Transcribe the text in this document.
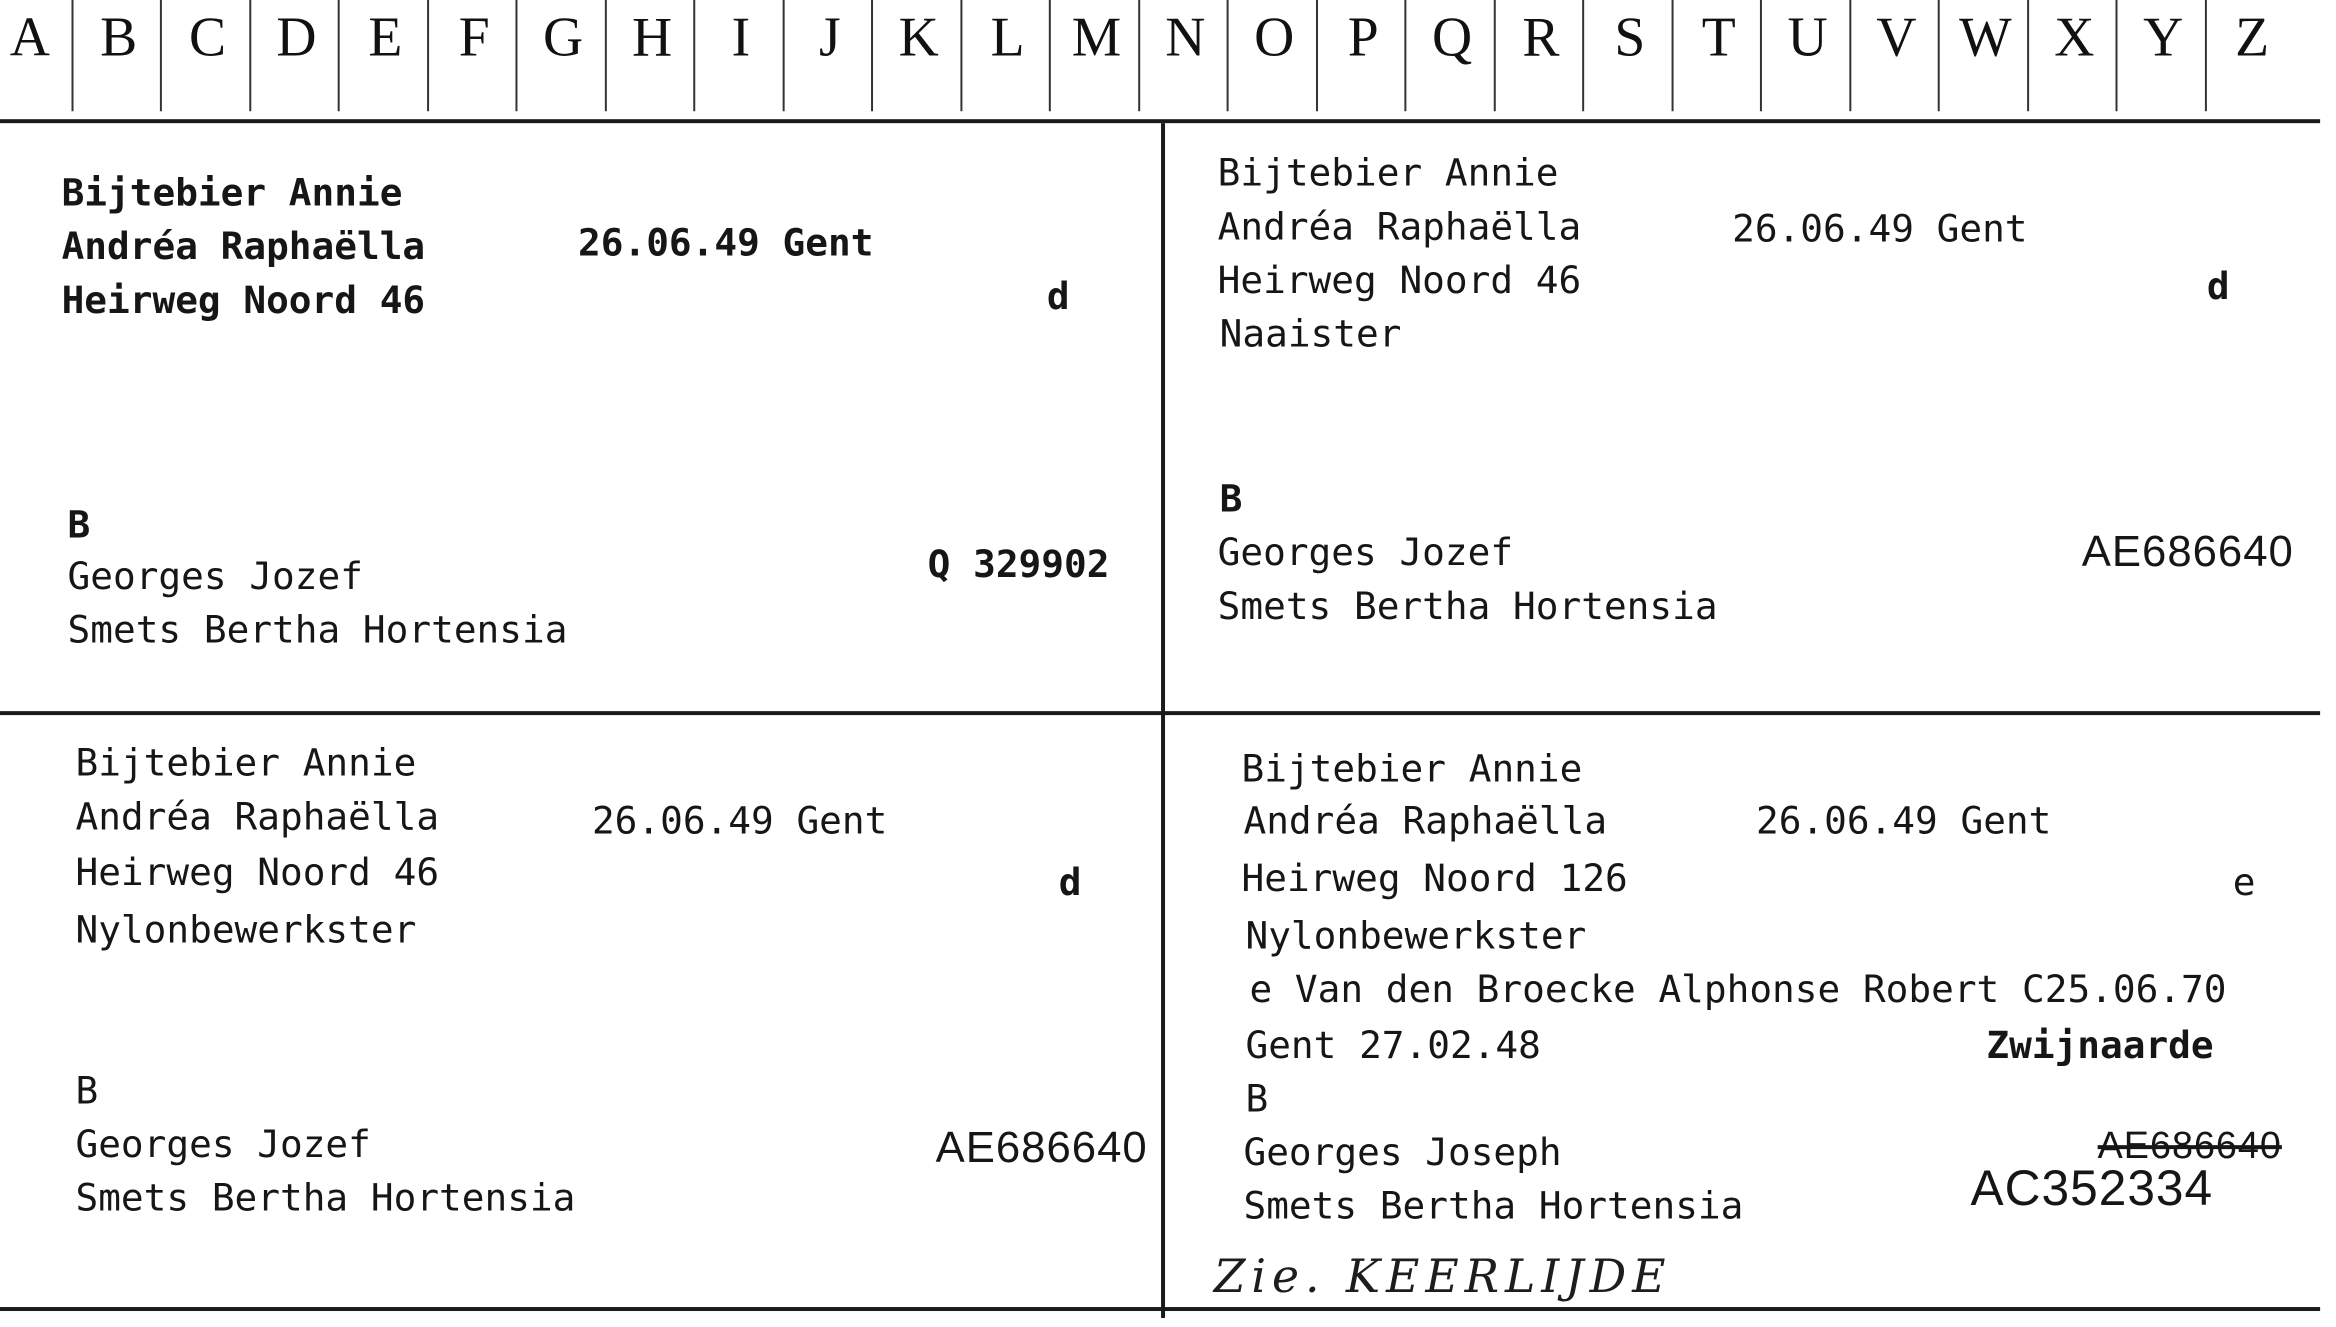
A B C D E	F G H	I	J	K L M N O P Q R S	T U V W X Y Z
Bijtebier Annie
Andréa Raphaëlla	26.06.49 Gent
Heirweg Noord 46	d
B
Georges Jozef	Q 329902
Smets Bertha Hortensia
Bijtebier Annie
Andréa Raphaëlla	26.06.49 Gent
Heirweg Noord 46	d
Naaister
B
Georges Jozef	AE686640
Smets Bertha Hortensia
Bijtebier Annie
Andréa Raphaëlla	26.06.49 Gent
Heirweg Noord 46	d
Nylonbewerkster
B
Georges Jozef	AE686640
Smets Bertha Hortensia
Bijtebier Annie
Andréa Raphaëlla	26.06.49 Gent
Heirweg Noord 126	e
Nylonbewerkster
e Van den Broecke Alphonse Robert C25.06.70
Gent 27.02.48	Zwijnaarde
B
Georges Joseph	AE686640
Smets Bertha Hortensia	AC352334
Zie. KEERLIJDE
